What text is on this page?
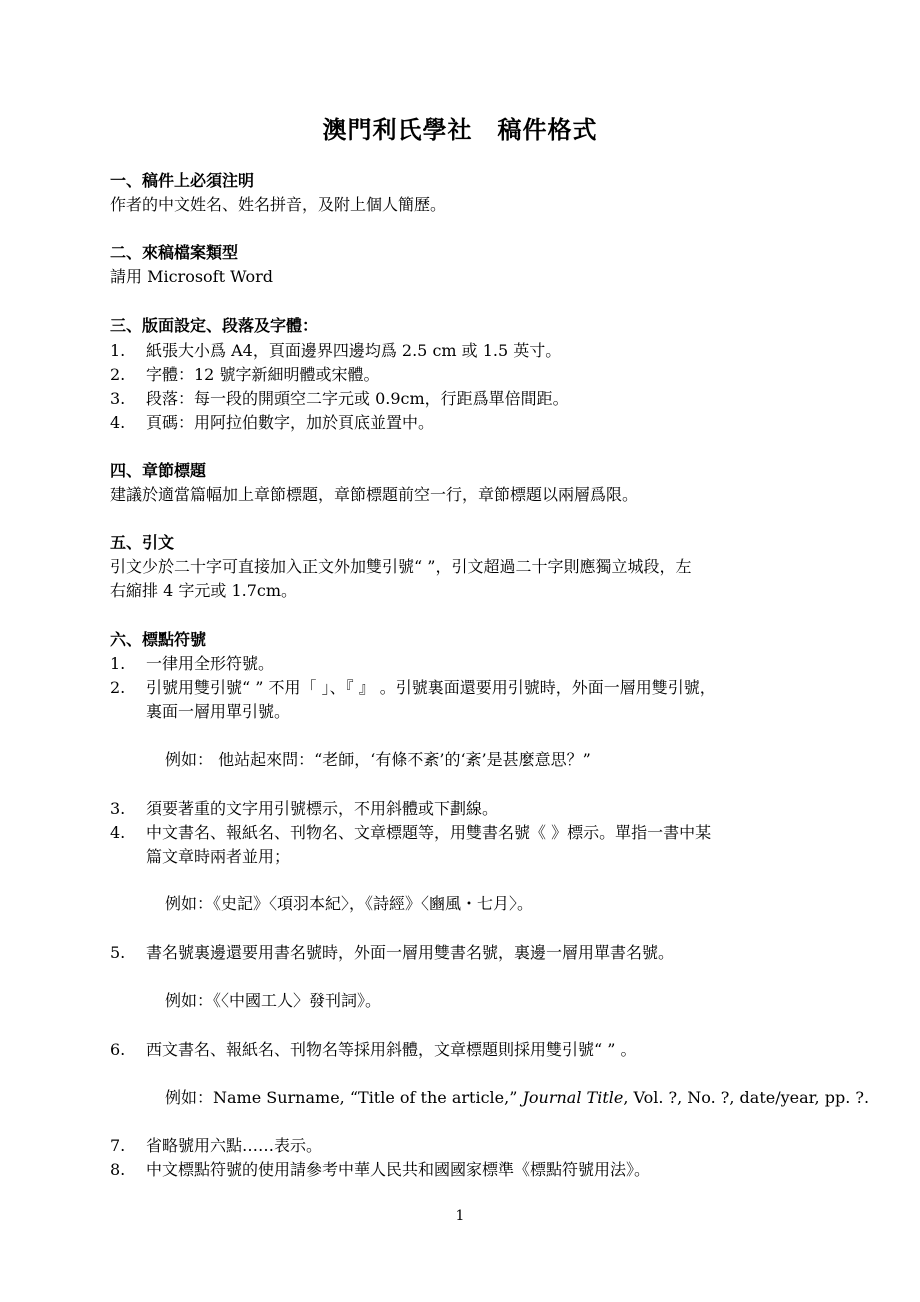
澳門利氏學社　稿件格式
一、稿件上必須注明
作者的中文姓名、姓名拼音，及附上個人簡歷。
二、來稿檔案類型
請用 Microsoft Word
三、版面設定、段落及字體：
1. 紙張大小爲 A4，頁面邊界四邊均爲 2.5 cm 或 1.5 英寸。
2. 字體：12 號字新細明體或宋體。
3. 段落：每一段的開頭空二字元或 0.9cm，行距爲單倍間距。
4. 頁碼：用阿拉伯數字，加於頁底並置中。
四、章節標題
建議於適當篇幅加上章節標題，章節標題前空一行，章節標題以兩層爲限。
五、引文
引文少於二十字可直接加入正文外加雙引號“ ”，引文超過二十字則應獨立城段，左
右縮排 4 字元或 1.7cm。
六、標點符號
1. 一律用全形符號。
2. 引號用雙引號“ ” 不用「 」、『 』 。引號裏面還要用引號時，外面一層用雙引號，
裏面一層用單引號。
例如： 他站起來問：“老師，‘有條不紊’的‘紊’是甚麼意思？”
3. 須要著重的文字用引號標示，不用斜體或下劃線。
4. 中文書名、報紙名、刊物名、文章標題等，用雙書名號《 》標示。單指一書中某
篇文章時兩者並用；
例如：《史記》〈項羽本紀〉，《詩經》〈豳風・七月〉。
5. 書名號裏邊還要用書名號時，外面一層用雙書名號，裏邊一層用單書名號。
例如：《〈中國工人〉發刊詞》。
6. 西文書名、報紙名、刊物名等採用斜體，文章標題則採用雙引號“ ” 。
例如：Name Surname, “Title of the article,” Journal Title, Vol. ?, No. ?, date/year, pp. ?.
7. 省略號用六點……表示。
8. 中文標點符號的使用請參考中華人民共和國國家標準《標點符號用法》。
1
